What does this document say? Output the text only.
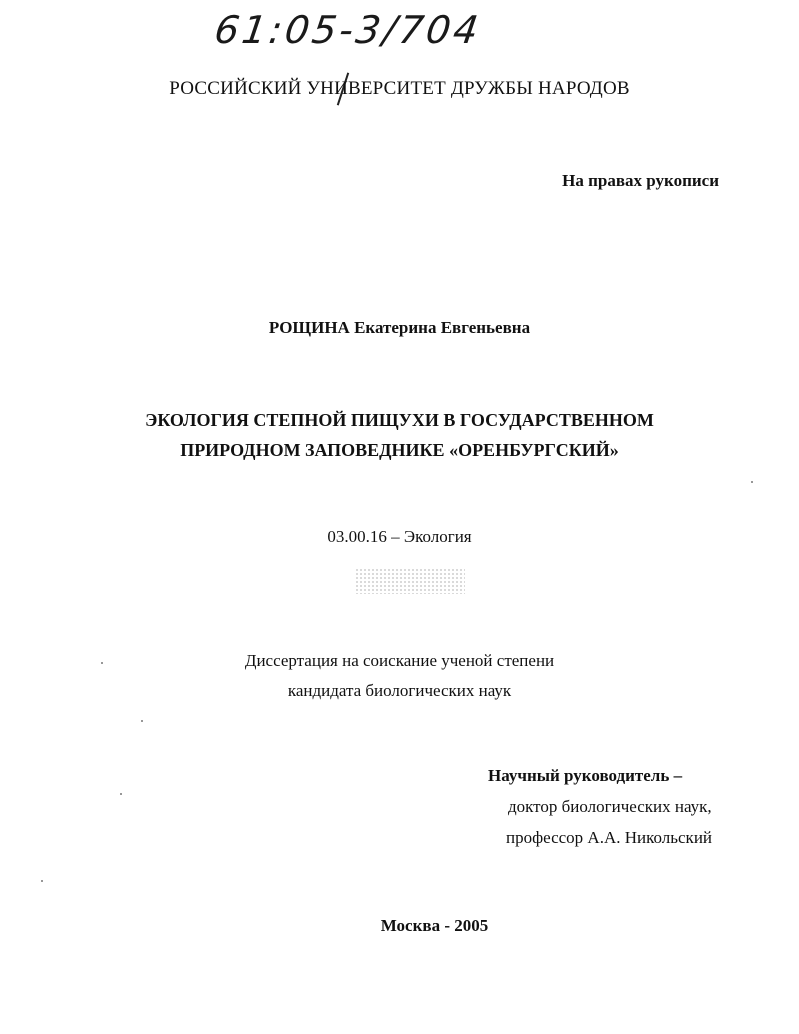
61:05-3/704
РОССИЙСКИЙ УНИВЕРСИТЕТ ДРУЖБЫ НАРОДОВ
На правах рукописи
РОЩИНА Екатерина Евгеньевна
ЭКОЛОГИЯ СТЕПНОЙ ПИЩУХИ В ГОСУДАРСТВЕННОМ
ПРИРОДНОМ ЗАПОВЕДНИКЕ «ОРЕНБУРГСКИЙ»
03.00.16 – Экология
Диссертация на соискание ученой степени
кандидата биологических наук
Научный руководитель –
доктор биологических наук,
профессор А.А. Никольский
Москва - 2005
